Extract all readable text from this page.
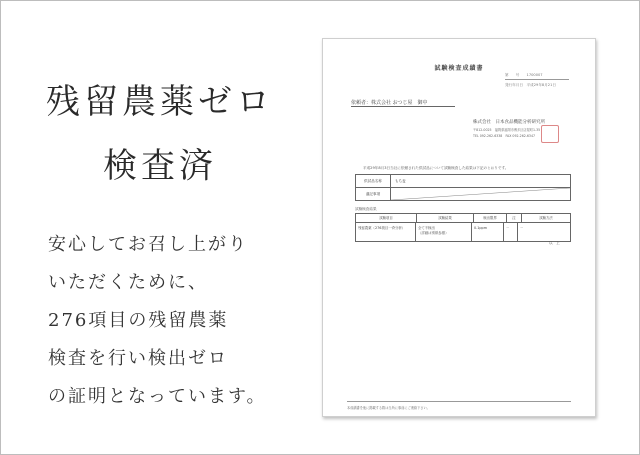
残留農薬ゼロ
検査済
安心してお召し上がり
いただくために、
276項目の残留農薬
検査を行い検出ゼロ
の証明となっています。
試験検査成績書
第　　号　　1700007
発行年月日　平成29年8月21日
依頼者：株式会社 おつじ屋　御中
株式会社　日本食品機能分析研究所
〒812-0025　福岡県福岡市博多区店屋町1-35
TEL 092-262-6338　FAX 092-262-6347
平成29年8月3日当社に依頼された供試品について試験検査した結果は下記のとおりです。
供試品名称	もち麦
適記事項
試験検査結果
試験項目	試験結果	検出限界	注	試験方法
残留農薬（276項目一斉分析）	全て不検出
（詳細は別紙参照）
0.1ppm	－	－
以　上
本成績書を他に掲載する際は当所に事前にご連絡下さい。
